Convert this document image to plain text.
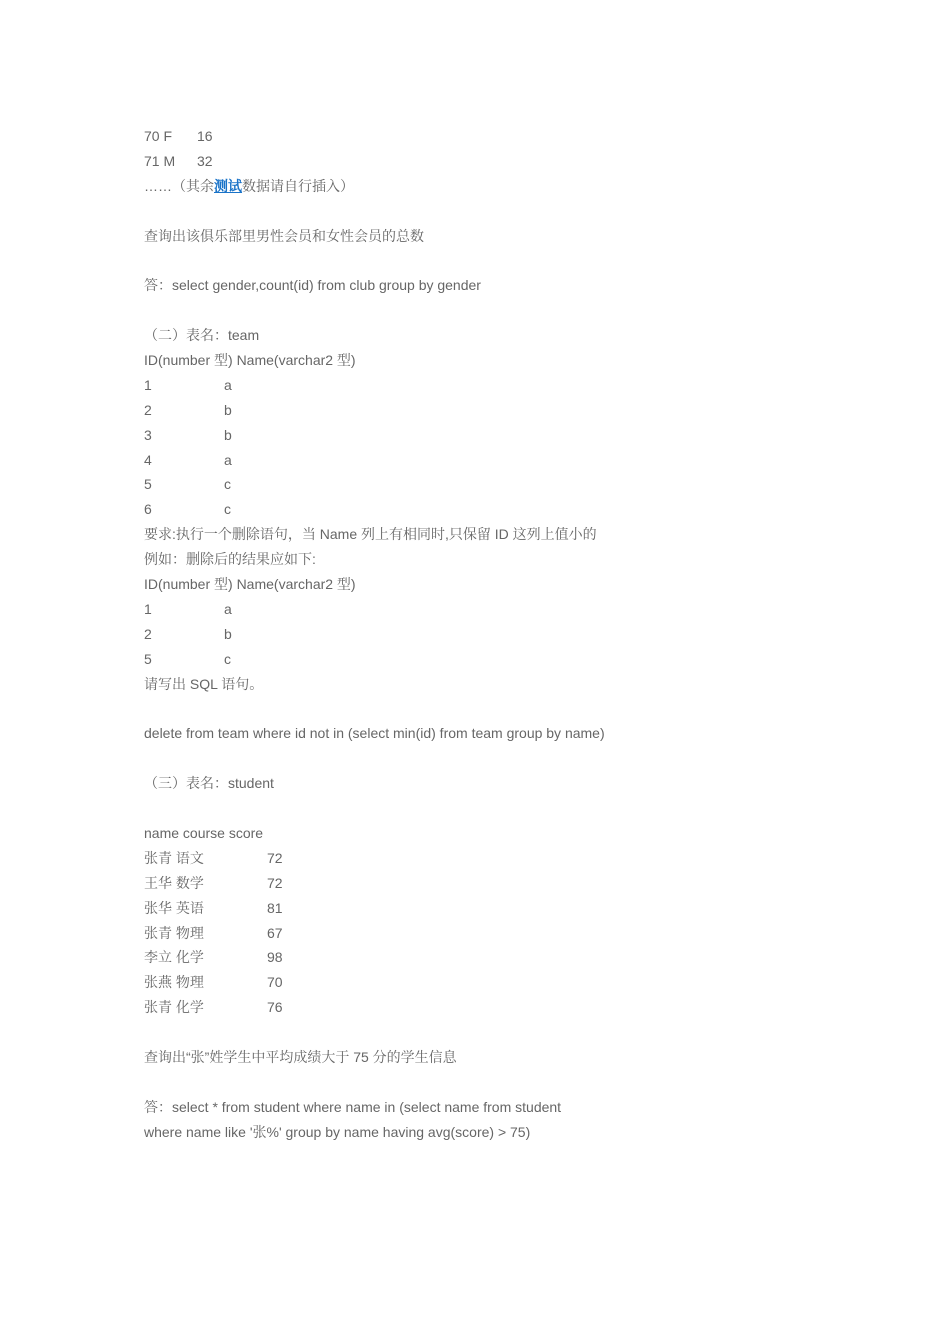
70 F 16
71 M 32
……（其余测试数据请自行插入）
查询出该俱乐部里男性会员和女性会员的总数
答：select gender,count(id) from club group by gender
（二）表名：team
ID(number 型) Name(varchar2 型)
1	a
2	b
3	b
4	a
5	c
6	c
要求:执行一个删除语句，当 Name 列上有相同时,只保留 ID 这列上值小的
例如：删除后的结果应如下:
ID(number 型) Name(varchar2 型)
1	a
2	b
5	c
请写出 SQL 语句。
delete from team where id not in (select min(id) from team group by name)
（三）表名：student
name course score
张青 语文	72
王华 数学	72
张华 英语	81
张青 物理	67
李立 化学	98
张燕 物理	70
张青 化学	76
查询出“张”姓学生中平均成绩大于 75 分的学生信息
答：select * from student where name in (select name from student
where name like '张%' group by name having avg(score) > 75)
